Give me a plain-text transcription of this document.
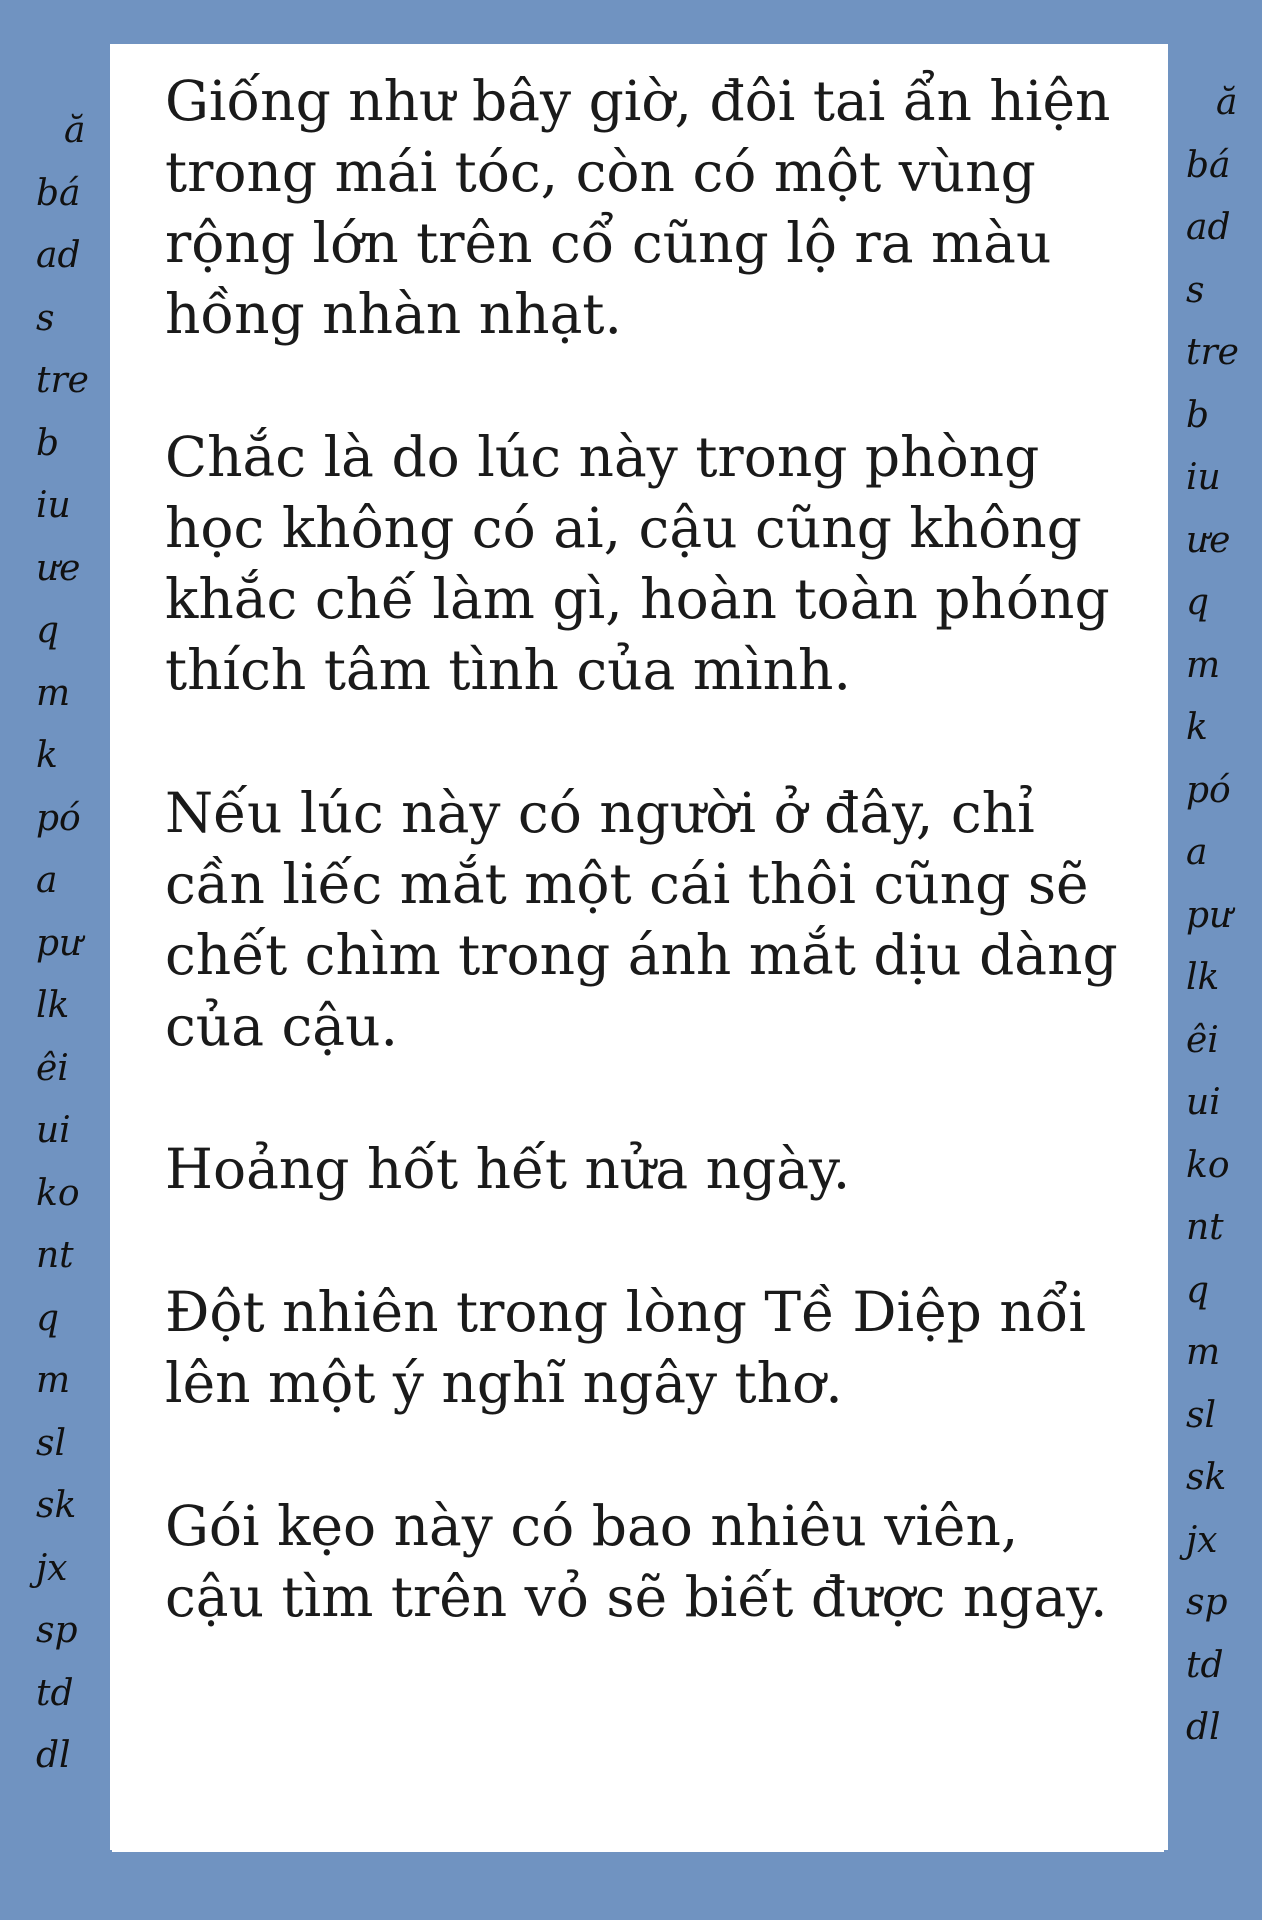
ă
bá
ad
s
tre
b
iu
ưe
q
m
k
pó
a
pư
lk
êi
ui
ko
nt
q
m
sl
sk
jx
sp
td
dl
ă
bá
ad
s
tre
b
iu
ưe
q
m
k
pó
a
pư
lk
êi
ui
ko
nt
q
m
sl
sk
jx
sp
td
dl

Giống như bây giờ, đôi tai ẩn hiện trong mái tóc, còn có một vùng rộng lớn trên cổ cũng lộ ra màu hồng nhàn nhạt.

Chắc là do lúc này trong phòng học không có ai, cậu cũng không khắc chế làm gì, hoàn toàn phóng thích tâm tình của mình.

Nếu lúc này có người ở đây, chỉ cần liếc mắt một cái thôi cũng sẽ chết chìm trong ánh mắt dịu dàng của cậu.

Hoảng hốt hết nửa ngày.

Đột nhiên trong lòng Tề Diệp nổi lên một ý nghĩ ngây thơ.

Gói kẹo này có bao nhiêu viên, cậu tìm trên vỏ sẽ biết được ngay.
